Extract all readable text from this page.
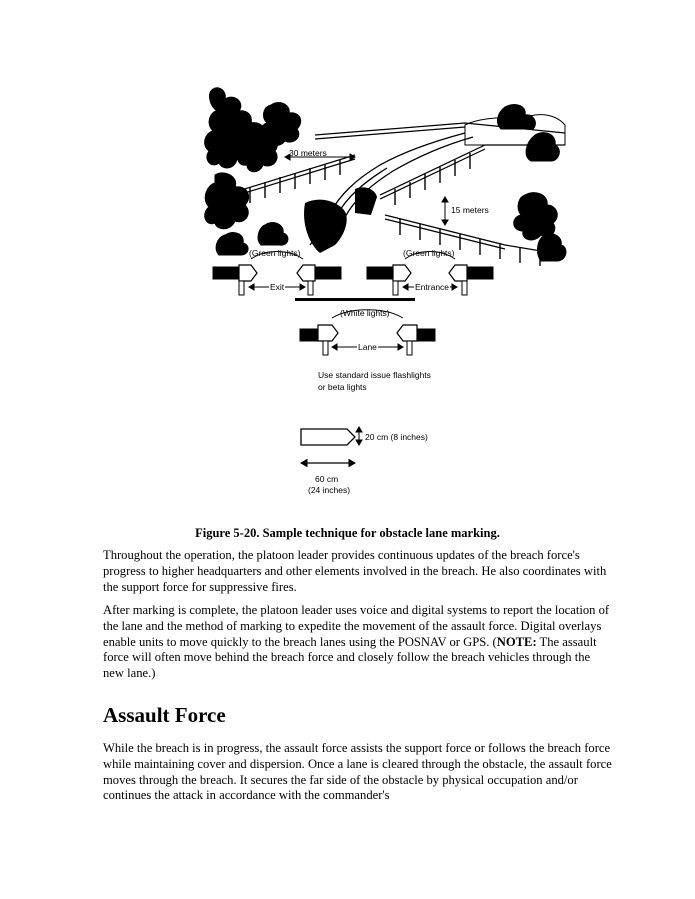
30 meters
15 meters
(Green lights)	(Green lights)
Exit	Entrance
(White lights)
Lane
Use standard issue flashlights
or beta lights
20 cm (8 inches)
60 cm
(24 inches)
Figure 5-20. Sample technique for obstacle lane marking.

Throughout the operation, the platoon leader provides continuous updates of the breach force's progress to higher headquarters and other elements involved in the breach. He also coordinates with the support force for suppressive fires.

After marking is complete, the platoon leader uses voice and digital systems to report the location of the lane and the method of marking to expedite the movement of the assault force. Digital overlays enable units to move quickly to the breach lanes using the POSNAV or GPS. (NOTE: The assault force will often move behind the breach force and closely follow the breach vehicles through the new lane.)

Assault Force

While the breach is in progress, the assault force assists the support force or follows the breach force while maintaining cover and dispersion. Once a lane is cleared through the obstacle, the assault force moves through the breach. It secures the far side of the obstacle by physical occupation and/or continues the attack in accordance with the commander's
